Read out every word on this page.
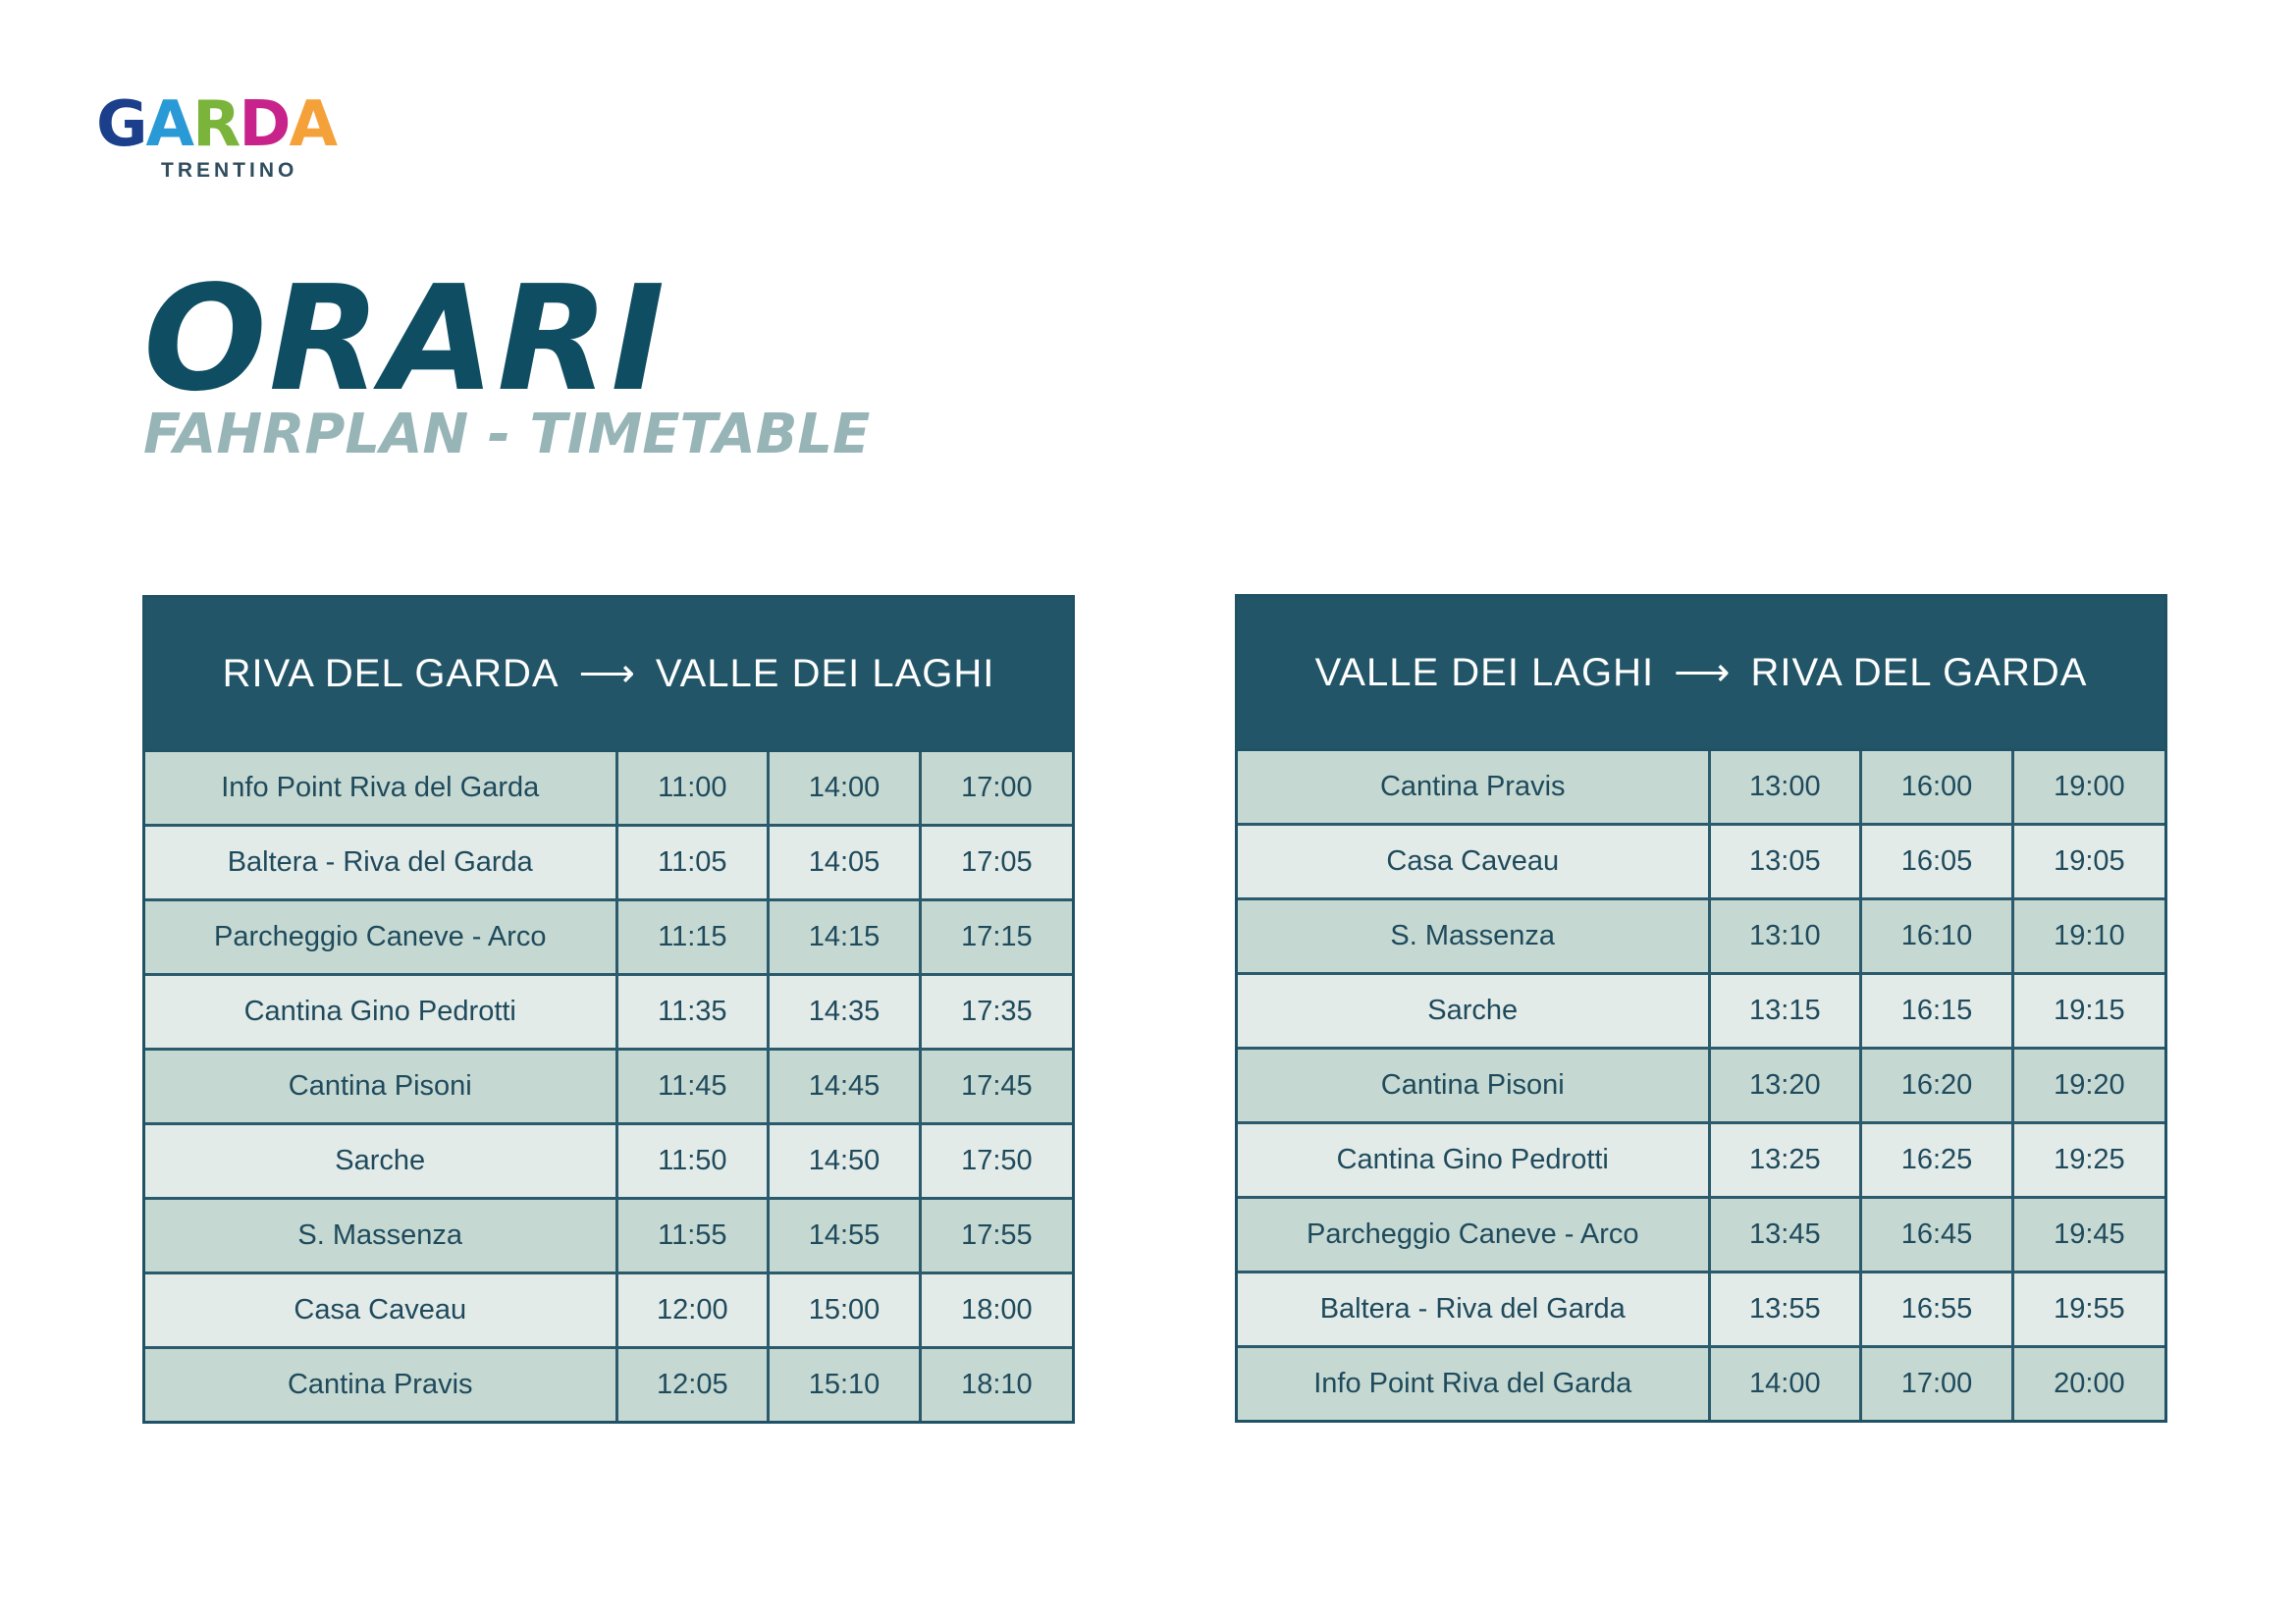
G A R D A
TRENTINO
ORARI
FAHRPLAN - TIMETABLE
RIVA DEL GARDA ⟶ VALLE DEI LAGHI
Info Point Riva del Garda	11:00	14:00	17:00
Baltera - Riva del Garda	11:05	14:05	17:05
Parcheggio Caneve - Arco	11:15	14:15	17:15
Cantina Gino Pedrotti	11:35	14:35	17:35
Cantina Pisoni	11:45	14:45	17:45
Sarche	11:50	14:50	17:50
S. Massenza	11:55	14:55	17:55
Casa Caveau	12:00	15:00	18:00
Cantina Pravis	12:05	15:10	18:10
VALLE DEI LAGHI ⟶ RIVA DEL GARDA
Cantina Pravis	13:00	16:00	19:00
Casa Caveau	13:05	16:05	19:05
S. Massenza	13:10	16:10	19:10
Sarche	13:15	16:15	19:15
Cantina Pisoni	13:20	16:20	19:20
Cantina Gino Pedrotti	13:25	16:25	19:25
Parcheggio Caneve - Arco	13:45	16:45	19:45
Baltera - Riva del Garda	13:55	16:55	19:55
Info Point Riva del Garda	14:00	17:00	20:00
